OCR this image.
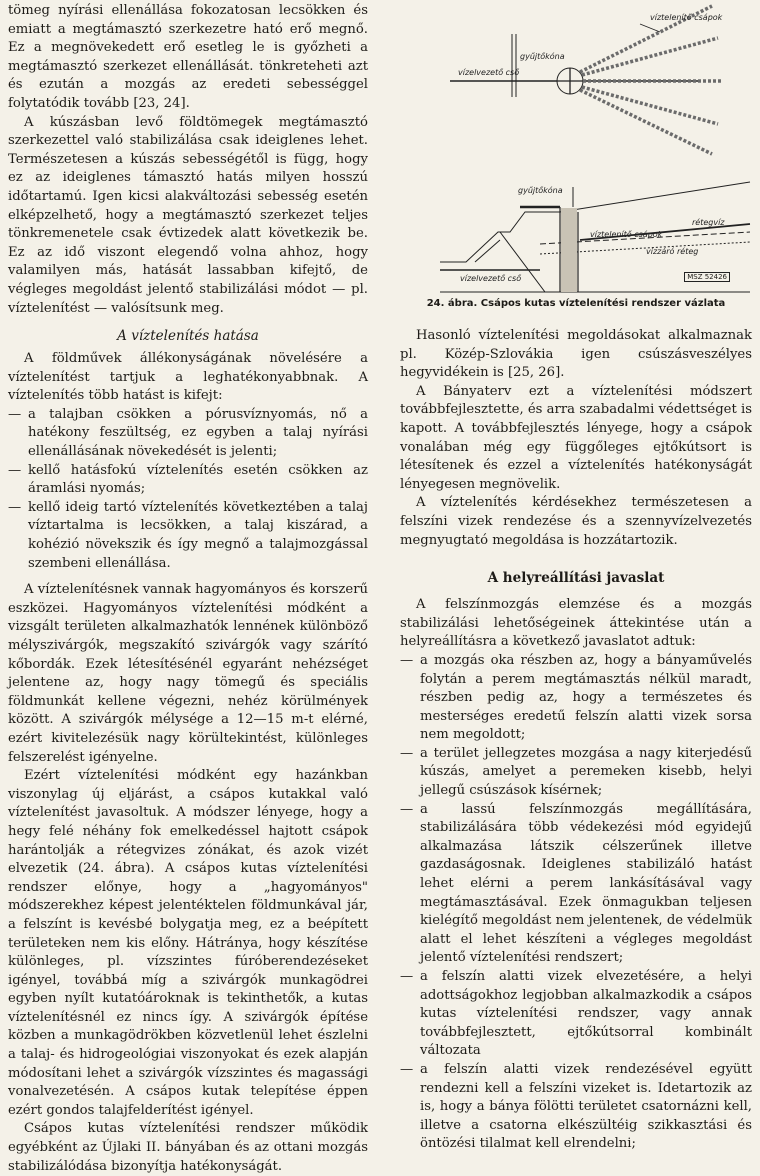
tömeg nyírási ellenállása fokozatosan lecsökken és emiatt a megtámasztó szerkezetre ható erő megnő. Ez a megnövekedett erő esetleg le is győzheti a megtámasztó szerkezet ellenállását. tönkreteheti azt és ezután a mozgás az eredeti sebességgel folytatódik tovább [23, 24].

A kúszásban levő földtömegek megtámasztó szerkezettel való stabilizálása csak ideiglenes lehet. Természetesen a kúszás sebességétől is függ, hogy ez az ideiglenes támasztó hatás milyen hosszú időtartamú. Igen kicsi alakváltozási sebesség esetén elképzelhető, hogy a megtámasztó szerkezet teljes tönkremenetele csak évtizedek alatt következik be. Ez az idő viszont elegendő volna ahhoz, hogy valamilyen más, hatását lassabban kifejtő, de végleges megoldást jelentő stabilizálási módot — pl. víztelenítést — valósítsunk meg.

A víztelenítés hatása

A földművek állékonyságának növelésére a víztelenítést tartjuk a leghatékonyabbnak. A víztelenítés több hatást is kifejt:

— a talajban csökken a pórusvíznyomás, nő a hatékony feszültség, ez egyben a talaj nyírási ellenállásának növekedését is jelenti;
— kellő hatásfokú víztelenítés esetén csökken az áramlási nyomás;
— kellő ideig tartó víztelenítés következtében a talaj víztartalma is lecsökken, a talaj kiszárad, a kohézió növekszik és így megnő a talajmozgással szembeni ellenállása.

A víztelenítésnek vannak hagyományos és korszerű eszközei. Hagyományos víztelenítési módként a vizsgált területen alkalmazhatók lennének különböző mélyszivárgók, megszakító szivárgók vagy szárító kőbordák. Ezek létesítésénél egyaránt nehézséget jelentene az, hogy nagy tömegű és speciális földmunkát kellene végezni, nehéz körülmények között. A szivárgók mélysége a 12—15 m-t elérné, ezért kivitelezésük nagy körültekintést, különleges felszerelést igényelne.

Ezért víztelenítési módként egy hazánkban viszonylag új eljárást, a csápos kutakkal való víztelenítést javasoltuk. A módszer lényege, hogy a hegy felé néhány fok emelkedéssel hajtott csápok harántolják a rétegvizes zónákat, és azok vizét elvezetik (24. ábra). A csápos kutas víztelenítési rendszer előnye, hogy a „hagyományos" módszerekhez képest jelentéktelen földmunkával jár, a felszínt is kevésbé bolygatja meg, ez a beépített területeken nem kis előny. Hátránya, hogy készítése különleges, pl. vízszintes fúróberendezéseket igényel, továbbá míg a szivárgók munkagödrei egyben nyílt kutatóároknak is tekinthetők, a kutas víztelenítésnél ez nincs így. A szivárgók építése közben a munkagödrökben közvetlenül lehet észlelni a talaj- és hidrogeológiai viszonyokat és ezek alapján módosítani lehet a szivárgók vízszintes és magassági vonalvezetésén. A csápos kutak telepítése éppen ezért gondos talajfelderítést igényel.

Csápos kutas víztelenítési rendszer működik egyébként az Újlaki II. bányában és az ottani mozgás stabilizálódása bizonyítja hatékonyságát.

víztelenítő csápok
gyűjtőkóna
vízelvezető cső
gyűjtőkóna
víztelenítő csápok
rétegvíz
vízzáró réteg
vízelvezető cső	MSZ 52426
24. ábra. Csápos kutas víztelenítési rendszer vázlata

Hasonló víztelenítési megoldásokat alkalmaznak pl. Közép-Szlovákia igen csúszásveszélyes hegyvidékein is [25, 26].

A Bányaterv ezt a víztelenítési módszert továbbfejlesztette, és arra szabadalmi védettséget is kapott. A továbbfejlesztés lényege, hogy a csápok vonalában még egy függőleges ejtőkútsort is létesítenek és ezzel a víztelenítés hatékonyságát lényegesen megnövelik.

A víztelenítés kérdésekhez természetesen a felszíni vizek rendezése és a szennyvízelvezetés megnyugtató megoldása is hozzátartozik.

A helyreállítási javaslat

A felszínmozgás elemzése és a mozgás stabilizálási lehetőségeinek áttekintése után a helyreállításra a következő javaslatot adtuk:

— a mozgás oka részben az, hogy a bányaművelés folytán a perem megtámasztás nélkül maradt, részben pedig az, hogy a természetes és mesterséges eredetű felszín alatti vizek sorsa nem megoldott;
— a terület jellegzetes mozgása a nagy kiterjedésű kúszás, amelyet a peremeken kisebb, helyi jellegű csúszások kísérnek;
— a lassú felszínmozgás megállítására, stabilizálására több védekezési mód egyidejű alkalmazása látszik célszerűnek illetve gazdaságosnak. Ideiglenes stabilizáló hatást lehet elérni a perem lankásításával vagy megtámasztásával. Ezek önmagukban teljesen kielégítő megoldást nem jelentenek, de védelmük alatt el lehet készíteni a végleges megoldást jelentő víztelenítési rendszert;
— a felszín alatti vizek elvezetésére, a helyi adottságokhoz legjobban alkalmazkodik a csápos kutas víztelenítési rendszer, vagy annak továbbfejlesztett, ejtőkútsorral kombinált változata
— a felszín alatti vizek rendezésével együtt rendezni kell a felszíni vizeket is. Idetartozik az is, hogy a bánya fölötti területet csatornázni kell, illetve a csatorna elkészültéig szikkasztási és öntözési tilalmat kell elrendelni;
